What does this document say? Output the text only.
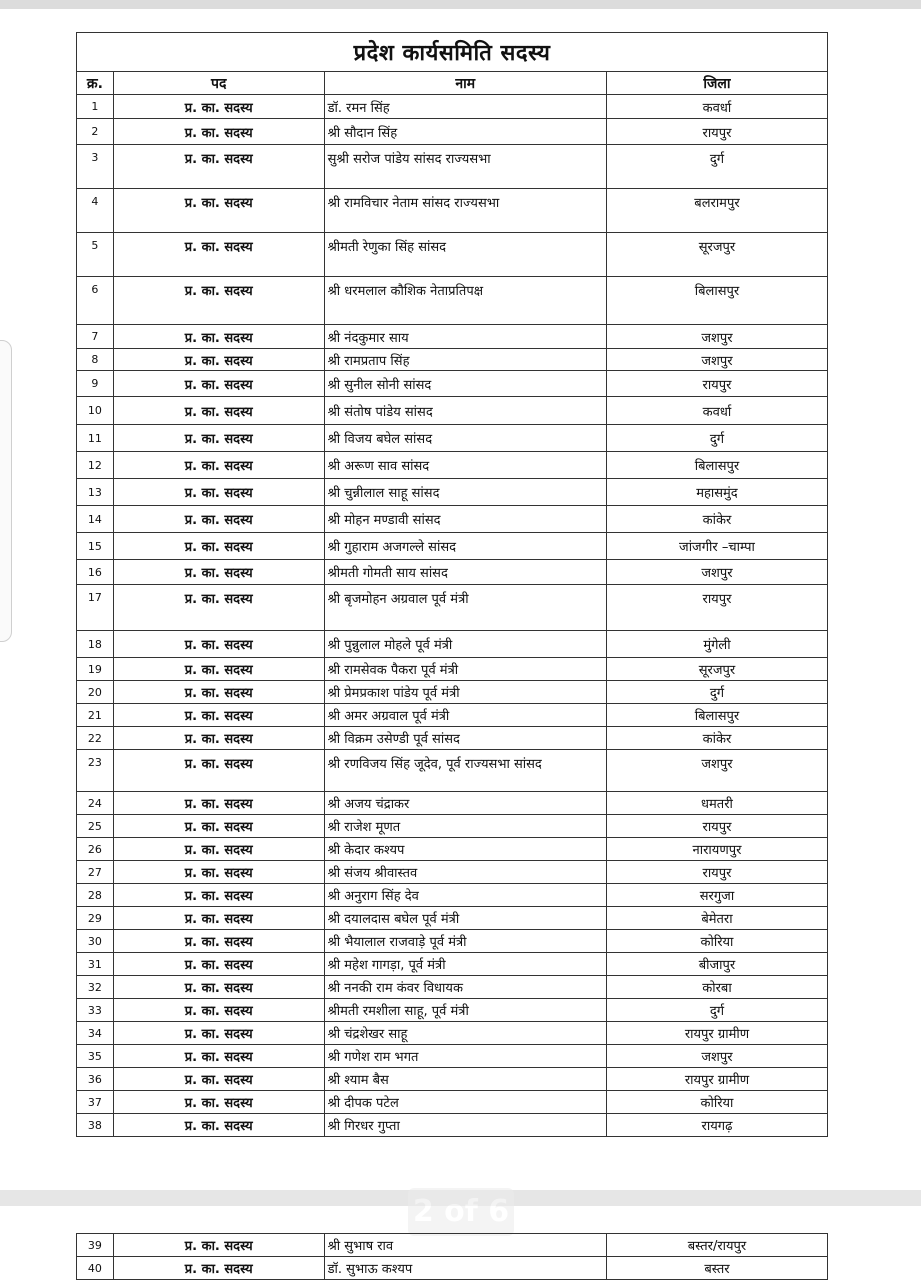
प्रदेश कार्यसमिति सदस्य			
क्र.	पद	नाम	जिला
1	प्र. का. सदस्य	डॉ. रमन सिंह	कवर्धा
2	प्र. का. सदस्य	श्री सौदान सिंह	रायपुर
3	प्र. का. सदस्य	सुश्री सरोज पांडेय सांसद राज्यसभा	दुर्ग
4	प्र. का. सदस्य	श्री रामविचार नेताम सांसद राज्यसभा	बलरामपुर
5	प्र. का. सदस्य	श्रीमती रेणुका सिंह सांसद	सूरजपुर
6	प्र. का. सदस्य	श्री धरमलाल कौशिक नेताप्रतिपक्ष	बिलासपुर
7	प्र. का. सदस्य	श्री नंदकुमार साय	जशपुर
8	प्र. का. सदस्य	श्री रामप्रताप सिंह	जशपुर
9	प्र. का. सदस्य	श्री सुनील सोनी सांसद	रायपुर
10	प्र. का. सदस्य	श्री संतोष पांडेय सांसद	कवर्धा
11	प्र. का. सदस्य	श्री विजय बघेल सांसद	दुर्ग
12	प्र. का. सदस्य	श्री अरूण साव सांसद	बिलासपुर
13	प्र. का. सदस्य	श्री चुन्नीलाल साहू सांसद	महासमुंद
14	प्र. का. सदस्य	श्री मोहन मण्डावी सांसद	कांकेर
15	प्र. का. सदस्य	श्री गुहाराम अजगल्ले सांसद	जांजगीर –चाम्पा
16	प्र. का. सदस्य	श्रीमती गोमती साय सांसद	जशपुर
17	प्र. का. सदस्य	श्री बृजमोहन अग्रवाल पूर्व मंत्री	रायपुर
18	प्र. का. सदस्य	श्री पुन्नुलाल मोहले पूर्व मंत्री	मुंगेली
19	प्र. का. सदस्य	श्री रामसेवक पैकरा पूर्व मंत्री	सूरजपुर
20	प्र. का. सदस्य	श्री प्रेमप्रकाश पांडेय पूर्व मंत्री	दुर्ग
21	प्र. का. सदस्य	श्री अमर अग्रवाल पूर्व मंत्री	बिलासपुर
22	प्र. का. सदस्य	श्री विक्रम उसेण्डी पूर्व सांसद	कांकेर
23	प्र. का. सदस्य	श्री रणविजय सिंह जूदेव, पूर्व राज्यसभा सांसद	जशपुर
24	प्र. का. सदस्य	श्री अजय चंद्राकर	धमतरी
25	प्र. का. सदस्य	श्री राजेश मूणत	रायपुर
26	प्र. का. सदस्य	श्री केदार कश्यप	नारायणपुर
27	प्र. का. सदस्य	श्री संजय श्रीवास्तव	रायपुर
28	प्र. का. सदस्य	श्री अनुराग सिंह देव	सरगुजा
29	प्र. का. सदस्य	श्री दयालदास बघेल पूर्व मंत्री	बेमेतरा
30	प्र. का. सदस्य	श्री भैयालाल राजवाड़े पूर्व मंत्री	कोरिया
31	प्र. का. सदस्य	श्री महेश गागड़ा, पूर्व मंत्री	बीजापुर
32	प्र. का. सदस्य	श्री ननकी राम कंवर विधायक	कोरबा
33	प्र. का. सदस्य	श्रीमती रमशीला साहू, पूर्व मंत्री	दुर्ग
34	प्र. का. सदस्य	श्री चंद्रशेखर साहू	रायपुर ग्रामीण
35	प्र. का. सदस्य	श्री गणेश राम भगत	जशपुर
36	प्र. का. सदस्य	श्री श्याम बैस	रायपुर ग्रामीण
37	प्र. का. सदस्य	श्री दीपक पटेल	कोरिया
38	प्र. का. सदस्य	श्री गिरधर गुप्ता	रायगढ़
2 of 6
39	प्र. का. सदस्य	श्री सुभाष राव	बस्तर/रायपुर
40	प्र. का. सदस्य	डॉ. सुभाऊ कश्यप	बस्तर
